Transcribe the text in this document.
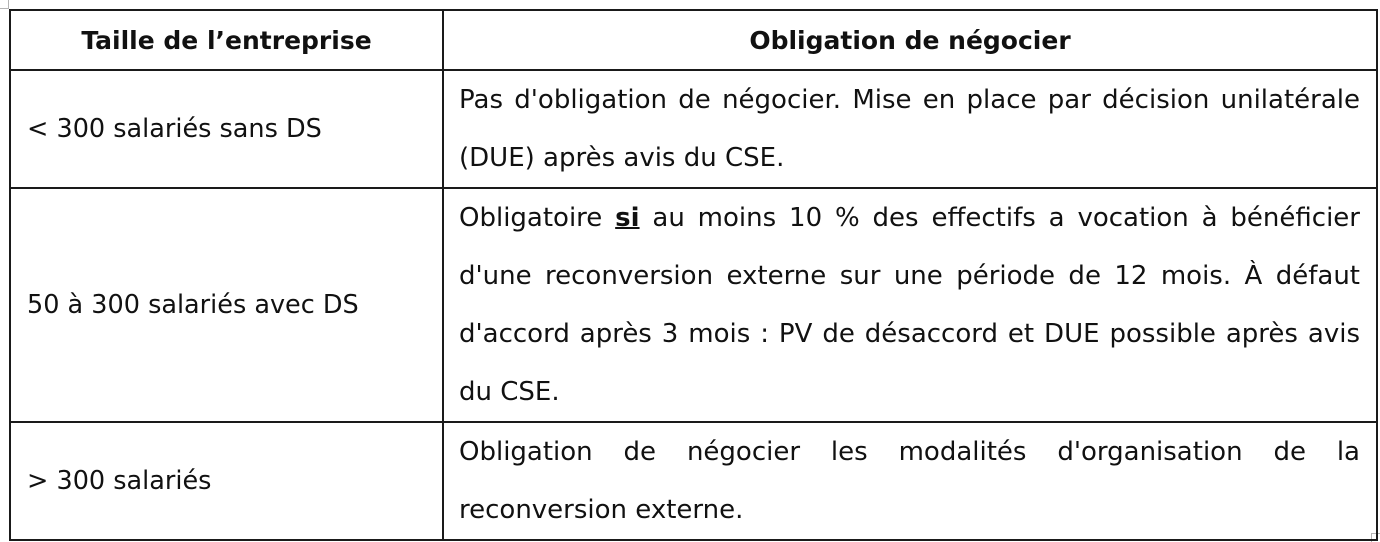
Taille de l’entreprise	Obligation de négocier
< 300 salariés sans DS	Pas d'obligation de négocier. Mise en place par décision unilatérale (DUE) après avis du CSE.
50 à 300 salariés avec DS	Obligatoire si au moins 10 % des effectifs a vocation à bénéficier d'une reconversion externe sur une période de 12 mois. À défaut d'accord après 3 mois : PV de désaccord et DUE possible après avis du CSE.
> 300 salariés	Obligation de négocier les modalités d'organisation de la reconversion externe.
